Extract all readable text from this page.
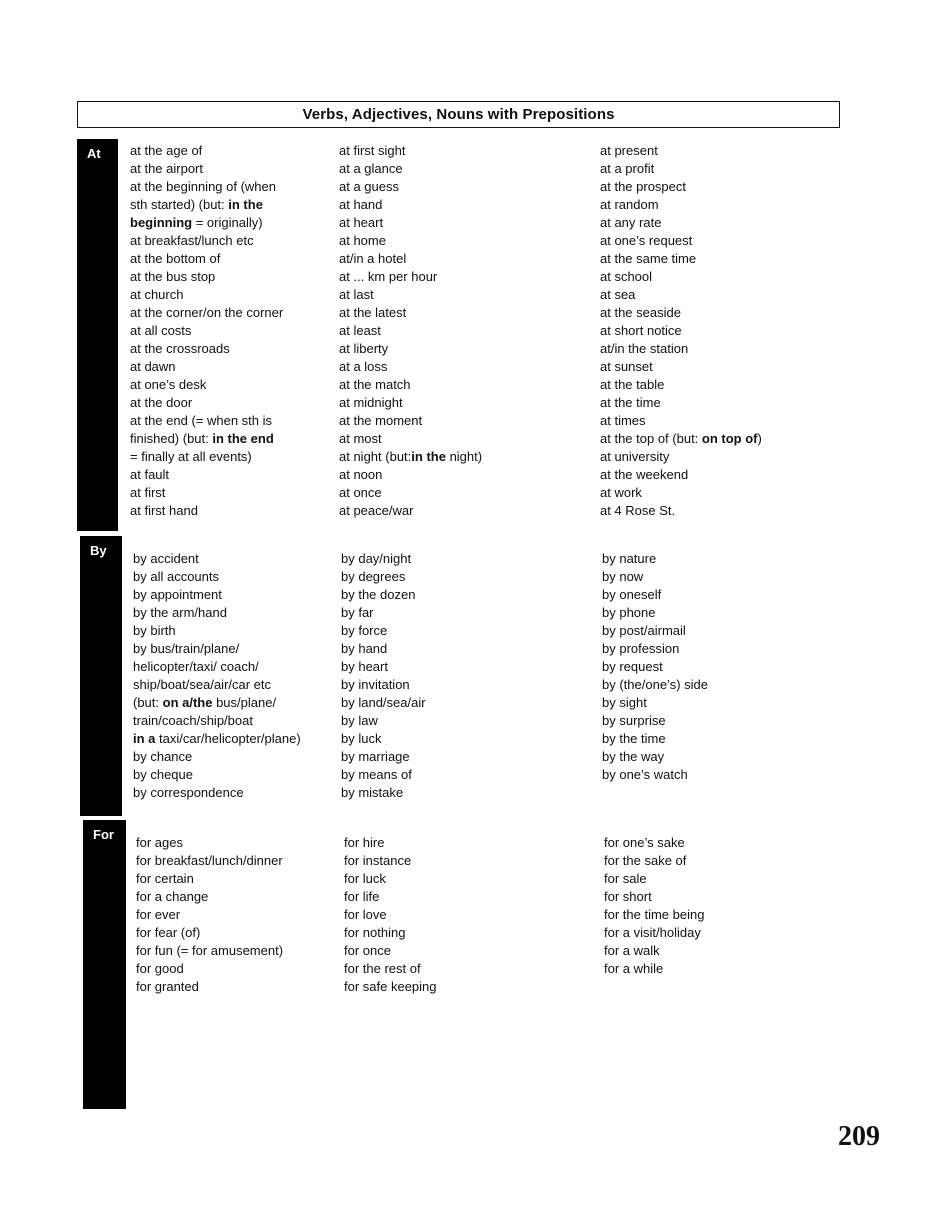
Verbs, Adjectives, Nouns with Prepositions
At at the age of
at the airport
at the beginning of (when
sth started) (but: in the
beginning = originally)
at breakfast/lunch etc
at the bottom of
at the bus stop
at church
at the corner/on the corner
at all costs
at the crossroads
at dawn
at one’s desk
at the door
at the end (= when sth is
finished) (but: in the end
= finally at all events)
at fault
at first
at first hand
at first sight
at a glance
at a guess
at hand
at heart
at home
at/in a hotel
at ... km per hour
at last
at the latest
at least
at liberty
at a loss
at the match
at midnight
at the moment
at most
at night (but:in the night)
at noon
at once
at peace/war
at present
at a profit
at the prospect
at random
at any rate
at one’s request
at the same time
at school
at sea
at the seaside
at short notice
at/in the station
at sunset
at the table
at the time
at times
at the top of (but: on top of)
at university
at the weekend
at work
at 4 Rose St.
By
by accident
by all accounts
by appointment
by the arm/hand
by birth
by bus/train/plane/
helicopter/taxi/ coach/
ship/boat/sea/air/car etc
(but: on a/the bus/plane/
train/coach/ship/boat
in a taxi/car/helicopter/plane)
by chance
by cheque
by correspondence
by day/night
by degrees
by the dozen
by far
by force
by hand
by heart
by invitation
by land/sea/air
by law
by luck
by marriage
by means of
by mistake
by nature
by now
by oneself
by phone
by post/airmail
by profession
by request
by (the/one’s) side
by sight
by surprise
by the time
by the way
by one’s watch
For
for ages
for breakfast/lunch/dinner
for certain
for a change
for ever
for fear (of)
for fun (= for amusement)
for good
for granted
for hire
for instance
for luck
for life
for love
for nothing
for once
for the rest of
for safe keeping
for one’s sake
for the sake of
for sale
for short
for the time being
for a visit/holiday
for a walk
for a while
209
